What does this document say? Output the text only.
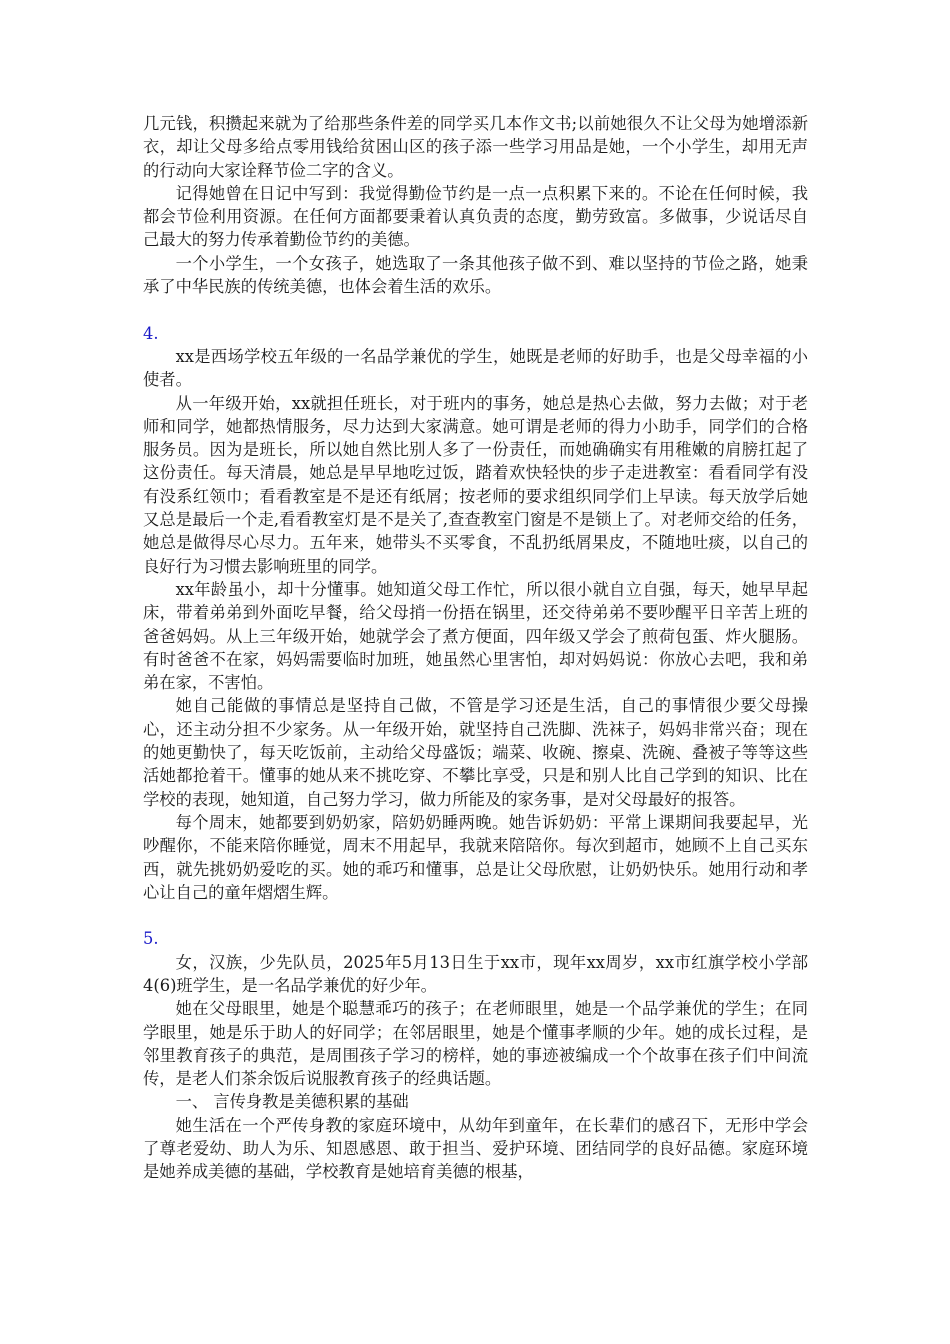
几元钱，积攒起来就为了给那些条件差的同学买几本作文书;以前她很久不让父母为她增添新衣，却让父母多给点零用钱给贫困山区的孩子添一些学习用品是她，一个小学生，却用无声的行动向大家诠释节俭二字的含义。

记得她曾在日记中写到：我觉得勤俭节约是一点一点积累下来的。不论在任何时候，我都会节俭利用资源。在任何方面都要秉着认真负责的态度，勤劳致富。多做事，少说话尽自己最大的努力传承着勤俭节约的美德。

一个小学生，一个女孩子，她选取了一条其他孩子做不到、难以坚持的节俭之路，她秉承了中华民族的传统美德，也体会着生活的欢乐。

4.

xx是西场学校五年级的一名品学兼优的学生，她既是老师的好助手，也是父母幸福的小使者。

从一年级开始，xx就担任班长，对于班内的事务，她总是热心去做，努力去做；对于老师和同学，她都热情服务，尽力达到大家满意。她可谓是老师的得力小助手，同学们的合格服务员。因为是班长，所以她自然比别人多了一份责任，而她确确实有用稚嫩的肩膀扛起了这份责任。每天清晨，她总是早早地吃过饭，踏着欢快轻快的步子走进教室：看看同学有没有没系红领巾；看看教室是不是还有纸屑；按老师的要求组织同学们上早读。每天放学后她又总是最后一个走,看看教室灯是不是关了,查查教室门窗是不是锁上了。对老师交给的任务，她总是做得尽心尽力。五年来，她带头不买零食，不乱扔纸屑果皮，不随地吐痰，以自己的良好行为习惯去影响班里的同学。

xx年龄虽小，却十分懂事。她知道父母工作忙，所以很小就自立自强，每天，她早早起床，带着弟弟到外面吃早餐，给父母捎一份捂在锅里，还交待弟弟不要吵醒平日辛苦上班的爸爸妈妈。从上三年级开始，她就学会了煮方便面，四年级又学会了煎荷包蛋、炸火腿肠。有时爸爸不在家，妈妈需要临时加班，她虽然心里害怕，却对妈妈说：你放心去吧，我和弟弟在家，不害怕。

她自己能做的事情总是坚持自己做，不管是学习还是生活，自己的事情很少要父母操心，还主动分担不少家务。从一年级开始，就坚持自己洗脚、洗袜子，妈妈非常兴奋；现在的她更勤快了，每天吃饭前，主动给父母盛饭；端菜、收碗、擦桌、洗碗、叠被子等等这些活她都抢着干。懂事的她从来不挑吃穿、不攀比享受，只是和别人比自己学到的知识、比在学校的表现，她知道，自己努力学习，做力所能及的家务事，是对父母最好的报答。

每个周末，她都要到奶奶家，陪奶奶睡两晚。她告诉奶奶：平常上课期间我要起早，光吵醒你，不能来陪你睡觉，周末不用起早，我就来陪陪你。每次到超市，她顾不上自己买东西，就先挑奶奶爱吃的买。她的乖巧和懂事，总是让父母欣慰，让奶奶快乐。她用行动和孝心让自己的童年熠熠生辉。

5.

女，汉族，少先队员，2025年5月13日生于xx市，现年xx周岁，xx市红旗学校小学部4(6)班学生，是一名品学兼优的好少年。

她在父母眼里，她是个聪慧乖巧的孩子；在老师眼里，她是一个品学兼优的学生；在同学眼里，她是乐于助人的好同学；在邻居眼里，她是个懂事孝顺的少年。她的成长过程，是邻里教育孩子的典范，是周围孩子学习的榜样，她的事迹被编成一个个故事在孩子们中间流传，是老人们茶余饭后说服教育孩子的经典话题。

一、 言传身教是美德积累的基础

她生活在一个严传身教的家庭环境中，从幼年到童年，在长辈们的感召下，无形中学会了尊老爱幼、助人为乐、知恩感恩、敢于担当、爱护环境、团结同学的良好品德。家庭环境是她养成美德的基础，学校教育是她培育美德的根基，
